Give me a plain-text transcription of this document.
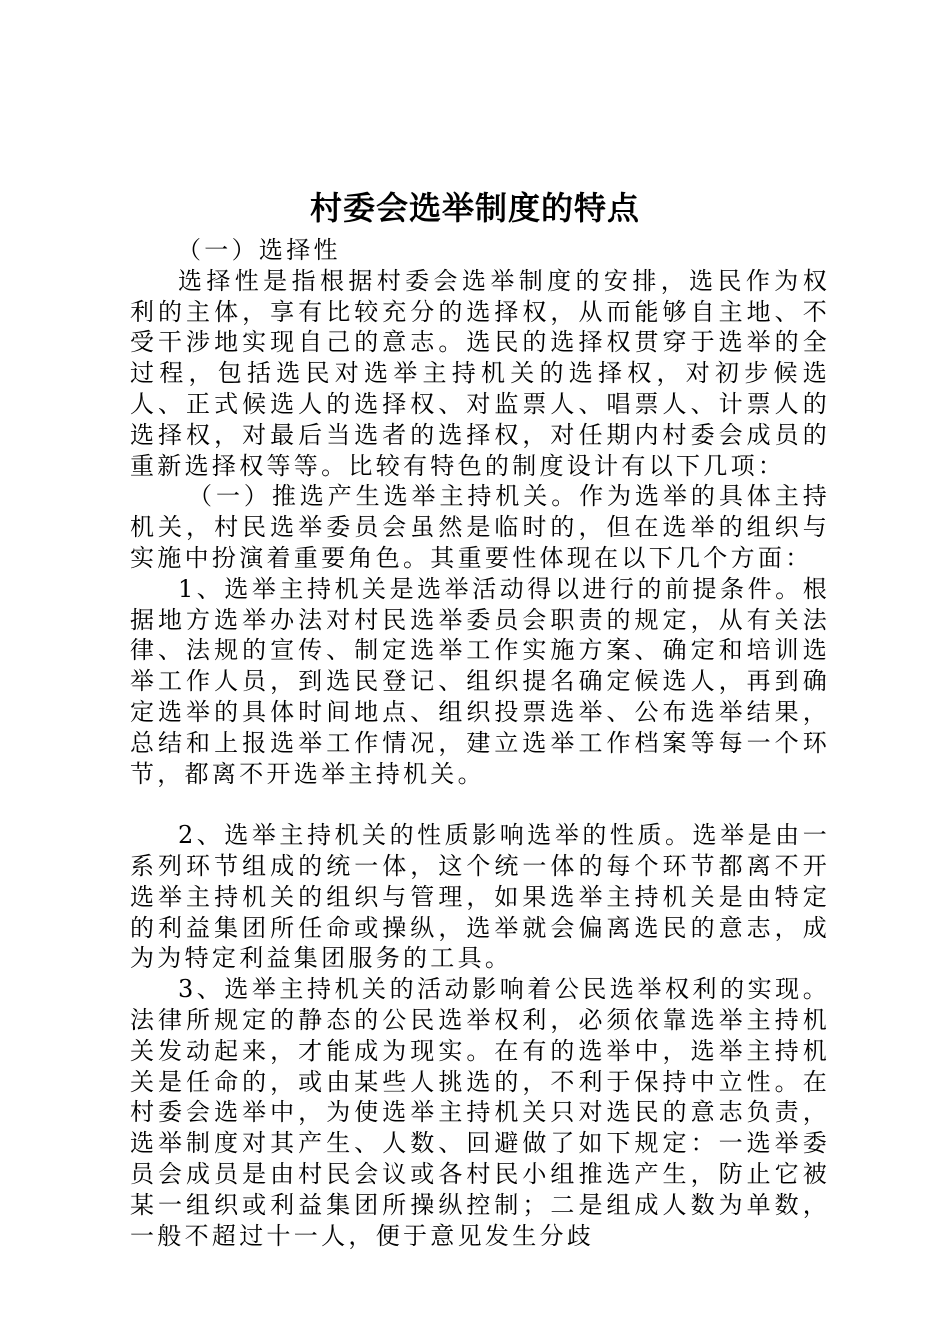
村委会选举制度的特点

（一）选择性

选择性是指根据村委会选举制度的安排，选民作为权利的主体，享有比较充分的选择权，从而能够自主地、不受干涉地实现自己的意志。选民的选择权贯穿于选举的全过程，包括选民对选举主持机关的选择权，对初步候选人、正式候选人的选择权、对监票人、唱票人、计票人的选择权，对最后当选者的选择权，对任期内村委会成员的重新选择权等等。比较有特色的制度设计有以下几项：

（一）推选产生选举主持机关。作为选举的具体主持机关，村民选举委员会虽然是临时的，但在选举的组织与实施中扮演着重要角色。其重要性体现在以下几个方面：

1、选举主持机关是选举活动得以进行的前提条件。根据地方选举办法对村民选举委员会职责的规定，从有关法律、法规的宣传、制定选举工作实施方案、确定和培训选举工作人员，到选民登记、组织提名确定候选人，再到确定选举的具体时间地点、组织投票选举、公布选举结果，总结和上报选举工作情况，建立选举工作档案等每一个环节，都离不开选举主持机关。

2、选举主持机关的性质影响选举的性质。选举是由一系列环节组成的统一体，这个统一体的每个环节都离不开选举主持机关的组织与管理，如果选举主持机关是由特定的利益集团所任命或操纵，选举就会偏离选民的意志，成为为特定利益集团服务的工具。

3、选举主持机关的活动影响着公民选举权利的实现。法律所规定的静态的公民选举权利，必须依靠选举主持机关发动起来，才能成为现实。在有的选举中，选举主持机关是任命的，或由某些人挑选的，不利于保持中立性。在村委会选举中，为使选举主持机关只对选民的意志负责，选举制度对其产生、人数、回避做了如下规定：一选举委员会成员是由村民会议或各村民小组推选产生，防止它被某一组织或利益集团所操纵控制；二是组成人数为单数，一般不超过十一人，便于意见发生分歧
